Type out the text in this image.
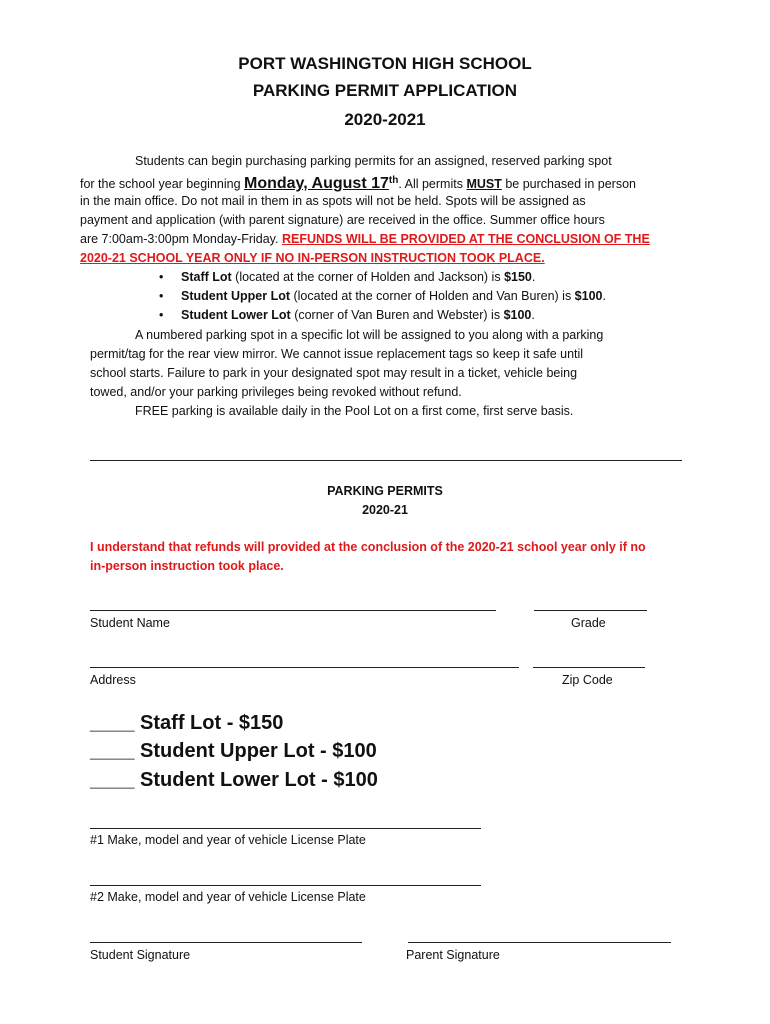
PORT WASHINGTON HIGH SCHOOL
PARKING PERMIT APPLICATION
2020-2021
Students can begin purchasing parking permits for an assigned, reserved parking spot
for the school year beginning Monday, August 17th. All permits MUST be purchased in person
in the main office. Do not mail in them in as spots will not be held. Spots will be assigned as
payment and application (with parent signature) are received in the office. Summer office hours
are 7:00am-3:00pm Monday-Friday. REFUNDS WILL BE PROVIDED AT THE CONCLUSION OF THE
2020-21 SCHOOL YEAR ONLY IF NO IN-PERSON INSTRUCTION TOOK PLACE.
• Staff Lot (located at the corner of Holden and Jackson) is $150.
• Student Upper Lot (located at the corner of Holden and Van Buren) is $100.
• Student Lower Lot (corner of Van Buren and Webster) is $100.
A numbered parking spot in a specific lot will be assigned to you along with a parking
permit/tag for the rear view mirror. We cannot issue replacement tags so keep it safe until
school starts. Failure to park in your designated spot may result in a ticket, vehicle being
towed, and/or your parking privileges being revoked without refund.
FREE parking is available daily in the Pool Lot on a first come, first serve basis.
PARKING PERMITS
2020-21
I understand that refunds will provided at the conclusion of the 2020-21 school year only if no
in-person instruction took place.
Student Name	Grade
Address	Zip Code
____ Staff Lot - $150
____ Student Upper Lot - $100
____ Student Lower Lot - $100
#1 Make, model and year of vehicle License Plate
#2 Make, model and year of vehicle License Plate
Student Signature	Parent Signature
